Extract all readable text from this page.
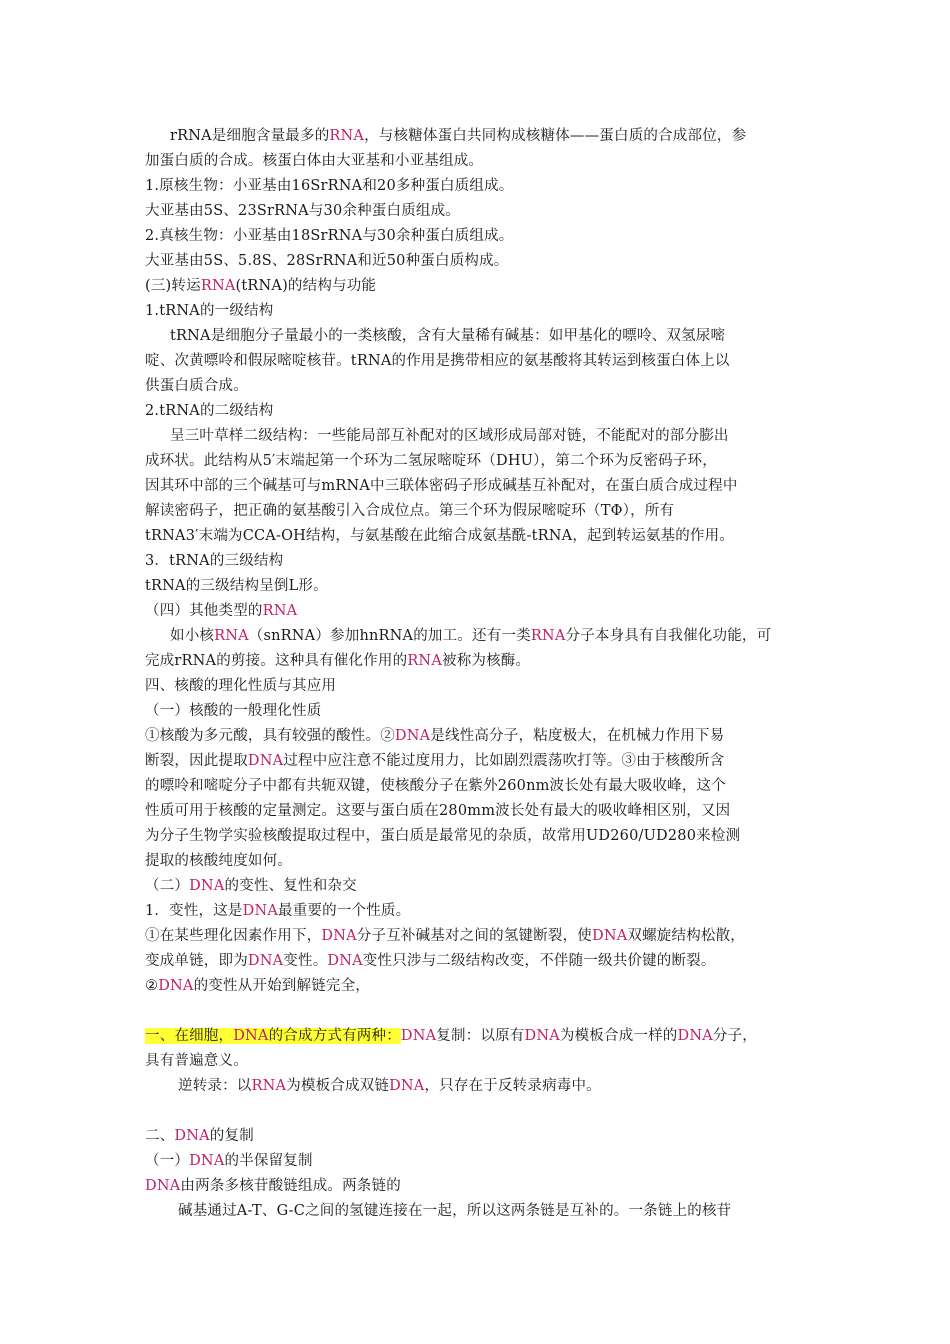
rRNA是细胞含量最多的RNA，与核糖体蛋白共同构成核糖体——蛋白质的合成部位，参
加蛋白质的合成。核蛋白体由大亚基和小亚基组成。
1.原核生物：小亚基由16SrRNA和20多种蛋白质组成。
大亚基由5S、23SrRNA与30余种蛋白质组成。
2.真核生物：小亚基由18SrRNA与30余种蛋白质组成。
大亚基由5S、5.8S、28SrRNA和近50种蛋白质构成。
(三)转运RNA(tRNA)的结构与功能
1.tRNA的一级结构
tRNA是细胞分子量最小的一类核酸，含有大量稀有碱基：如甲基化的嘌呤、双氢尿嘧
啶、次黄嘌呤和假尿嘧啶核苷。tRNA的作用是携带相应的氨基酸将其转运到核蛋白体上以
供蛋白质合成。
2.tRNA的二级结构
呈三叶草样二级结构：一些能局部互补配对的区域形成局部对链，不能配对的部分膨出
成环状。此结构从5′末端起第一个环为二氢尿嘧啶环（DHU），第二个环为反密码子环，
因其环中部的三个碱基可与mRNA中三联体密码子形成碱基互补配对，在蛋白质合成过程中
解读密码子，把正确的氨基酸引入合成位点。第三个环为假尿嘧啶环（TΦ），所有
tRNA3′末端为CCA-OH结构，与氨基酸在此缩合成氨基酰-tRNA，起到转运氨基的作用。
3．tRNA的三级结构
tRNA的三级结构呈倒L形。
（四）其他类型的RNA
如小核RNA（snRNA）参加hnRNA的加工。还有一类RNA分子本身具有自我催化功能，可
完成rRNA的剪接。这种具有催化作用的RNA被称为核酶。
四、核酸的理化性质与其应用
（一）核酸的一般理化性质
①核酸为多元酸，具有较强的酸性。②DNA是线性高分子，粘度极大，在机械力作用下易
断裂，因此提取DNA过程中应注意不能过度用力，比如剧烈震荡吹打等。③由于核酸所含
的嘌呤和嘧啶分子中都有共轭双键，使核酸分子在紫外260nm波长处有最大吸收峰，这个
性质可用于核酸的定量测定。这要与蛋白质在280mm波长处有最大的吸收峰相区别，又因
为分子生物学实验核酸提取过程中，蛋白质是最常见的杂质，故常用UD260/UD280来检测
提取的核酸纯度如何。
（二）DNA的变性、复性和杂交
1．变性，这是DNA最重要的一个性质。
①在某些理化因素作用下，DNA分子互补碱基对之间的氢键断裂，使DNA双螺旋结构松散，
变成单链，即为DNA变性。DNA变性只涉与二级结构改变，不伴随一级共价键的断裂。
②DNA的变性从开始到解链完全，
一、在细胞，DNA的合成方式有两种：DNA复制：以原有DNA为模板合成一样的DNA分子，
具有普遍意义。
逆转录：以RNA为模板合成双链DNA，只存在于反转录病毒中。
二、DNA的复制
（一）DNA的半保留复制
DNA由两条多核苷酸链组成。两条链的
碱基通过A-T、G-C之间的氢键连接在一起，所以这两条链是互补的。一条链上的核苷
